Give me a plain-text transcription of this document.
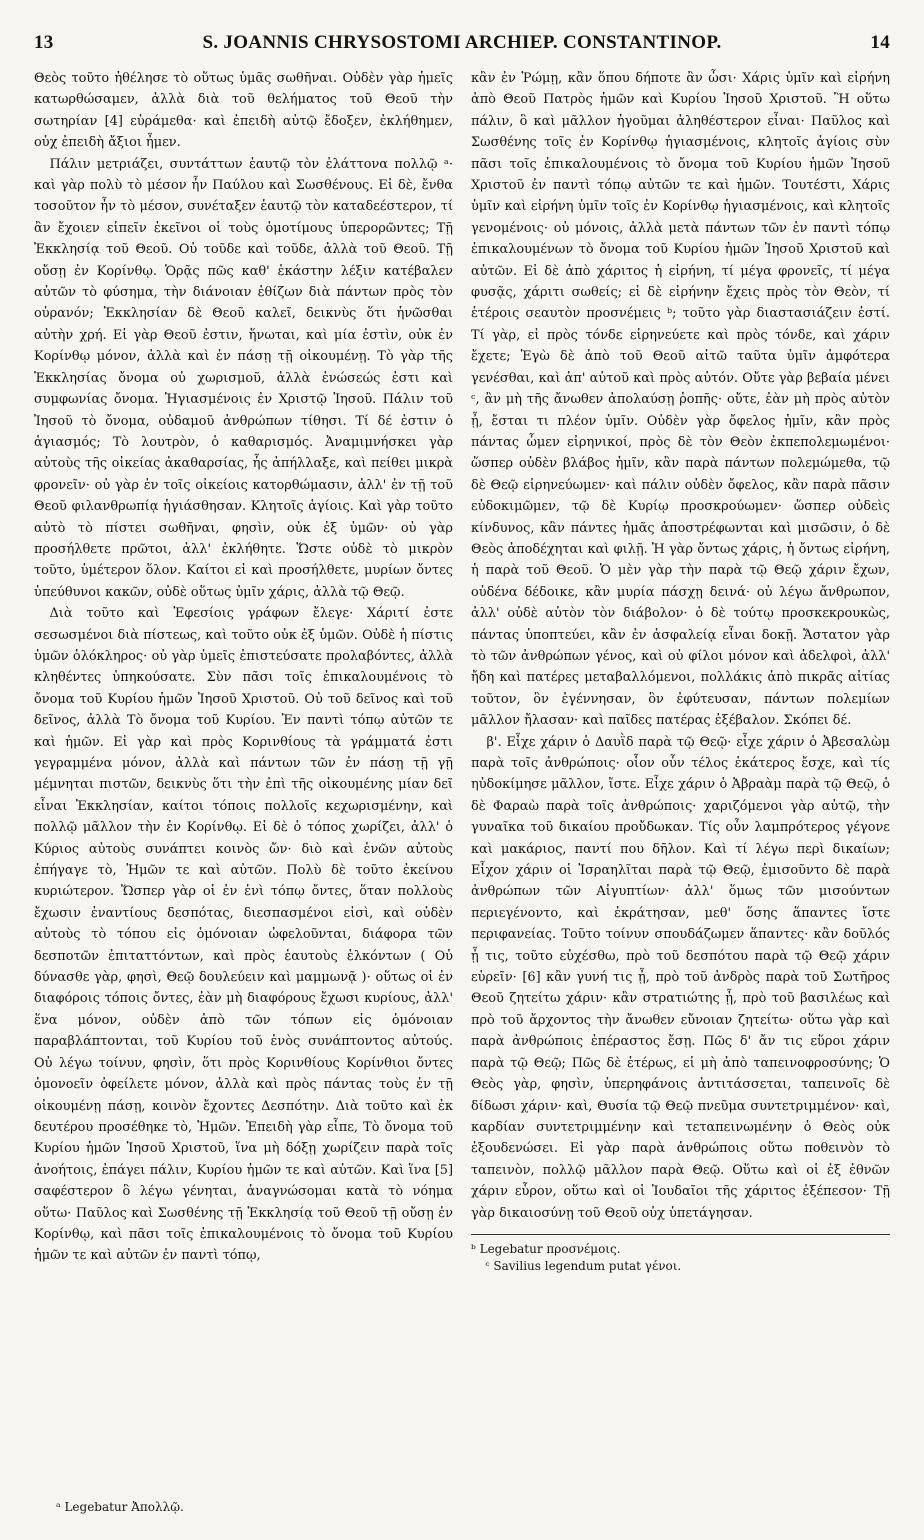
13	S. JOANNIS CHRYSOSTOMI ARCHIEP. CONSTANTINOP.	14

Θεὸς τοῦτο ἠθέλησε τὸ οὕτως ὑμᾶς σωθῆναι. Οὐδὲν γὰρ ἡμεῖς κατωρθώσαμεν, ἀλλὰ διὰ τοῦ θελήματος τοῦ Θεοῦ τὴν σωτηρίαν [4] εὑράμεθα· καὶ ἐπειδὴ αὐτῷ ἔδοξεν, ἐκλήθημεν, οὐχ ἐπειδὴ ἄξιοι ἦμεν.

Πάλιν μετριάζει, συντάττων ἑαυτῷ τὸν ἐλάττονα πολλῷ ᵃ· καὶ γὰρ πολὺ τὸ μέσον ἦν Παύλου καὶ Σωσθένους. Εἰ δὲ, ἔνθα τοσοῦτον ἦν τὸ μέσον, συνέταξεν ἑαυτῷ τὸν καταδεέστερον, τί ἂν ἔχοιεν εἰπεῖν ἐκεῖνοι οἱ τοὺς ὁμοτίμους ὑπερορῶντες; Τῇ Ἐκκλησίᾳ τοῦ Θεοῦ. Οὐ τοῦδε καὶ τοῦδε, ἀλλὰ τοῦ Θεοῦ. Τῇ οὔσῃ ἐν Κορίνθῳ. Ὁρᾷς πῶς καθ' ἑκάστην λέξιν κατέβαλεν αὐτῶν τὸ φύσημα, τὴν διάνοιαν ἐθίζων διὰ πάντων πρὸς τὸν οὐρανόν; Ἐκκλησίαν δὲ Θεοῦ καλεῖ, δεικνὺς ὅτι ἡνῶσθαι αὐτὴν χρή. Εἰ γὰρ Θεοῦ ἐστιν, ἥνωται, καὶ μία ἐστὶν, οὐκ ἐν Κορίνθῳ μόνον, ἀλλὰ καὶ ἐν πάσῃ τῇ οἰκουμένῃ. Τὸ γὰρ τῆς Ἐκκλησίας ὄνομα οὐ χωρισμοῦ, ἀλλὰ ἑνώσεώς ἐστι καὶ συμφωνίας ὄνομα. Ἡγιασμένοις ἐν Χριστῷ Ἰησοῦ. Πάλιν τοῦ Ἰησοῦ τὸ ὄνομα, οὐδαμοῦ ἀνθρώπων τίθησι. Τί δέ ἐστιν ὁ ἁγιασμός; Τὸ λουτρὸν, ὁ καθαρισμός. Ἀναμιμνήσκει γὰρ αὐτοὺς τῆς οἰκείας ἀκαθαρσίας, ἧς ἀπήλλαξε, καὶ πείθει μικρὰ φρονεῖν· οὐ γὰρ ἐν τοῖς οἰκείοις κατορθώμασιν, ἀλλ' ἐν τῇ τοῦ Θεοῦ φιλανθρωπίᾳ ἡγιάσθησαν. Κλητοῖς ἁγίοις. Καὶ γὰρ τοῦτο αὐτὸ τὸ πίστει σωθῆναι, φησὶν, οὐκ ἐξ ὑμῶν· οὐ γὰρ προσήλθετε πρῶτοι, ἀλλ' ἐκλήθητε. Ὥστε οὐδὲ τὸ μικρὸν τοῦτο, ὑμέτερον ὅλον. Καίτοι εἰ καὶ προσήλθετε, μυρίων ὄντες ὑπεύθυνοι κακῶν, οὐδὲ οὕτως ὑμῖν χάρις, ἀλλὰ τῷ Θεῷ.

Διὰ τοῦτο καὶ Ἐφεσίοις γράφων ἔλεγε· Χάριτί ἐστε σεσωσμένοι διὰ πίστεως, καὶ τοῦτο οὐκ ἐξ ὑμῶν. Οὐδὲ ἡ πίστις ὑμῶν ὁλόκληρος· οὐ γὰρ ὑμεῖς ἐπιστεύσατε προλαβόντες, ἀλλὰ κληθέντες ὑπηκούσατε. Σὺν πᾶσι τοῖς ἐπικαλουμένοις τὸ ὄνομα τοῦ Κυρίου ἡμῶν Ἰησοῦ Χριστοῦ. Οὐ τοῦ δεῖνος καὶ τοῦ δεῖνος, ἀλλὰ Τὸ ὄνομα τοῦ Κυρίου. Ἐν παντὶ τόπῳ αὐτῶν τε καὶ ἡμῶν. Εἰ γὰρ καὶ πρὸς Κορινθίους τὰ γράμματά ἐστι γεγραμμένα μόνον, ἀλλὰ καὶ πάντων τῶν ἐν πάσῃ τῇ γῇ μέμνηται πιστῶν, δεικνὺς ὅτι τὴν ἐπὶ τῆς οἰκουμένης μίαν δεῖ εἶναι Ἐκκλησίαν, καίτοι τόποις πολλοῖς κεχωρισμένην, καὶ πολλῷ μᾶλλον τὴν ἐν Κορίνθῳ. Εἰ δὲ ὁ τόπος χωρίζει, ἀλλ' ὁ Κύριος αὐτοὺς συνάπτει κοινὸς ὤν· διὸ καὶ ἑνῶν αὐτοὺς ἐπήγαγε τὸ, Ἡμῶν τε καὶ αὐτῶν. Πολὺ δὲ τοῦτο ἐκείνου κυριώτερον. Ὥσπερ γὰρ οἱ ἐν ἑνὶ τόπῳ ὄντες, ὅταν πολλοὺς ἔχωσιν ἐναντίους δεσπότας, διεσπασμένοι εἰσὶ, καὶ οὐδὲν αὐτοὺς τὸ τόπου εἰς ὁμόνοιαν ὠφελοῦνται, διάφορα τῶν δεσποτῶν ἐπιταττόντων, καὶ πρὸς ἑαυτοὺς ἑλκόντων ( Οὐ δύνασθε γὰρ, φησὶ, Θεῷ δουλεύειν καὶ μαμμωνᾷ )· οὕτως οἱ ἐν διαφόροις τόποις ὄντες, ἐὰν μὴ διαφόρους ἔχωσι κυρίους, ἀλλ' ἕνα μόνον, οὐδὲν ἀπὸ τῶν τόπων εἰς ὁμόνοιαν παραβλάπτονται, τοῦ Κυρίου τοῦ ἑνὸς συνάπτοντος αὐτούς. Οὐ λέγω τοίνυν, φησὶν, ὅτι πρὸς Κορινθίους Κορίνθιοι ὄντες ὁμονοεῖν ὀφείλετε μόνον, ἀλλὰ καὶ πρὸς πάντας τοὺς ἐν τῇ οἰκουμένῃ πάσῃ, κοινὸν ἔχοντες Δεσπότην. Διὰ τοῦτο καὶ ἐκ δευτέρου προσέθηκε τὸ, Ἡμῶν. Ἐπειδὴ γὰρ εἶπε, Τὸ ὄνομα τοῦ Κυρίου ἡμῶν Ἰησοῦ Χριστοῦ, ἵνα μὴ δόξῃ χωρίζειν παρὰ τοῖς ἀνοήτοις, ἐπάγει πάλιν, Κυρίου ἡμῶν τε καὶ αὐτῶν. Καὶ ἵνα [5] σαφέστερον ὃ λέγω γένηται, ἀναγνώσομαι κατὰ τὸ νόημα οὕτω· Παῦλος καὶ Σωσθένης τῇ Ἐκκλησίᾳ τοῦ Θεοῦ τῇ οὔσῃ ἐν Κορίνθῳ, καὶ πᾶσι τοῖς ἐπικαλουμένοις τὸ ὄνομα τοῦ Κυρίου ἡμῶν τε καὶ αὐτῶν ἐν παντὶ τόπῳ,

κἂν ἐν Ῥώμῃ, κἂν ὅπου δήποτε ἂν ὦσι· Χάρις ὑμῖν καὶ εἰρήνη ἀπὸ Θεοῦ Πατρὸς ἡμῶν καὶ Κυρίου Ἰησοῦ Χριστοῦ. Ἢ οὕτω πάλιν, ὃ καὶ μᾶλλον ἡγοῦμαι ἀληθέστερον εἶναι· Παῦλος καὶ Σωσθένης τοῖς ἐν Κορίνθῳ ἡγιασμένοις, κλητοῖς ἁγίοις σὺν πᾶσι τοῖς ἐπικαλουμένοις τὸ ὄνομα τοῦ Κυρίου ἡμῶν Ἰησοῦ Χριστοῦ ἐν παντὶ τόπῳ αὐτῶν τε καὶ ἡμῶν. Τουτέστι, Χάρις ὑμῖν καὶ εἰρήνη ὑμῖν τοῖς ἐν Κορίνθῳ ἡγιασμένοις, καὶ κλητοῖς γενομένοις· οὐ μόνοις, ἀλλὰ μετὰ πάντων τῶν ἐν παντὶ τόπῳ ἐπικαλουμένων τὸ ὄνομα τοῦ Κυρίου ἡμῶν Ἰησοῦ Χριστοῦ καὶ αὐτῶν. Εἰ δὲ ἀπὸ χάριτος ἡ εἰρήνη, τί μέγα φρονεῖς, τί μέγα φυσᾷς, χάριτι σωθείς; εἰ δὲ εἰρήνην ἔχεις πρὸς τὸν Θεὸν, τί ἑτέροις σεαυτὸν προσνέμεις ᵇ; τοῦτο γὰρ διαστασιάζειν ἐστί. Τί γὰρ, εἰ πρὸς τόνδε εἰρηνεύετε καὶ πρὸς τόνδε, καὶ χάριν ἔχετε; Ἐγὼ δὲ ἀπὸ τοῦ Θεοῦ αἰτῶ ταῦτα ὑμῖν ἀμφότερα γενέσθαι, καὶ ἀπ' αὐτοῦ καὶ πρὸς αὐτόν. Οὔτε γὰρ βεβαία μένει ᶜ, ἂν μὴ τῆς ἄνωθεν ἀπολαύσῃ ῥοπῆς· οὔτε, ἐὰν μὴ πρὸς αὐτὸν ᾖ, ἔσται τι πλέον ὑμῖν. Οὐδὲν γὰρ ὄφελος ἡμῖν, κἂν πρὸς πάντας ὦμεν εἰρηνικοί, πρὸς δὲ τὸν Θεὸν ἐκπεπολεμωμένοι· ὥσπερ οὐδὲν βλάβος ἡμῖν, κἂν παρὰ πάντων πολεμώμεθα, τῷ δὲ Θεῷ εἰρηνεύωμεν· καὶ πάλιν οὐδὲν ὄφελος, κἂν παρὰ πᾶσιν εὐδοκιμῶμεν, τῷ δὲ Κυρίῳ προσκρούωμεν· ὥσπερ οὐδεὶς κίνδυνος, κἂν πάντες ἡμᾶς ἀποστρέφωνται καὶ μισῶσιν, ὁ δὲ Θεὸς ἀποδέχηται καὶ φιλῇ. Ἡ γὰρ ὄντως χάρις, ἡ ὄντως εἰρήνη, ἡ παρὰ τοῦ Θεοῦ. Ὁ μὲν γὰρ τὴν παρὰ τῷ Θεῷ χάριν ἔχων, οὐδένα δέδοικε, κἂν μυρία πάσχῃ δεινά· οὐ λέγω ἄνθρωπον, ἀλλ' οὐδὲ αὐτὸν τὸν διάβολον· ὁ δὲ τούτῳ προσκεκρουκὼς, πάντας ὑποπτεύει, κἂν ἐν ἀσφαλείᾳ εἶναι δοκῇ. Ἄστατον γὰρ τὸ τῶν ἀνθρώπων γένος, καὶ οὐ φίλοι μόνον καὶ ἀδελφοὶ, ἀλλ' ἤδη καὶ πατέρες μεταβαλλόμενοι, πολλάκις ἀπὸ πικρᾶς αἰτίας τοῦτον, ὃν ἐγέννησαν, ὃν ἐφύτευσαν, πάντων πολεμίων μᾶλλον ἤλασαν· καὶ παῖδες πατέρας ἐξέβαλον. Σκόπει δέ.

β'. Εἶχε χάριν ὁ Δαυῒδ παρὰ τῷ Θεῷ· εἶχε χάριν ὁ Ἀβεσαλὼμ παρὰ τοῖς ἀνθρώποις· οἷον οὖν τέλος ἑκάτερος ἔσχε, καὶ τίς ηὐδοκίμησε μᾶλλον, ἴστε. Εἶχε χάριν ὁ Ἀβραὰμ παρὰ τῷ Θεῷ, ὁ δὲ Φαραὼ παρὰ τοῖς ἀνθρώποις· χαριζόμενοι γὰρ αὐτῷ, τὴν γυναῖκα τοῦ δικαίου προὔδωκαν. Τίς οὖν λαμπρότερος γέγονε καὶ μακάριος, παντί που δῆλον. Καὶ τί λέγω περὶ δικαίων; Εἶχον χάριν οἱ Ἰσραηλῖται παρὰ τῷ Θεῷ, ἐμισοῦντο δὲ παρὰ ἀνθρώπων τῶν Αἰγυπτίων· ἀλλ' ὅμως τῶν μισούντων περιεγένοντο, καὶ ἐκράτησαν, μεθ' ὅσης ἅπαντες ἴστε περιφανείας. Τοῦτο τοίνυν σπουδάζωμεν ἅπαντες· κἂν δοῦλός ᾖ τις, τοῦτο εὐχέσθω, πρὸ τοῦ δεσπότου παρὰ τῷ Θεῷ χάριν εὑρεῖν· [6] κἂν γυνή τις ᾖ, πρὸ τοῦ ἀνδρὸς παρὰ τοῦ Σωτῆρος Θεοῦ ζητείτω χάριν· κἂν στρατιώτης ᾖ, πρὸ τοῦ βασιλέως καὶ πρὸ τοῦ ἄρχοντος τὴν ἄνωθεν εὔνοιαν ζητείτω· οὕτω γὰρ καὶ παρὰ ἀνθρώποις ἐπέραστος ἔσῃ. Πῶς δ' ἄν τις εὕροι χάριν παρὰ τῷ Θεῷ; Πῶς δὲ ἑτέρως, εἰ μὴ ἀπὸ ταπεινοφροσύνης; Ὁ Θεὸς γὰρ, φησὶν, ὑπερηφάνοις ἀντιτάσσεται, ταπεινοῖς δὲ δίδωσι χάριν· καὶ, Θυσία τῷ Θεῷ πνεῦμα συντετριμμένον· καὶ, καρδίαν συντετριμμένην καὶ τεταπεινωμένην ὁ Θεὸς οὐκ ἐξουδενώσει. Εἰ γὰρ παρὰ ἀνθρώποις οὕτω ποθεινὸν τὸ ταπεινὸν, πολλῷ μᾶλλον παρὰ Θεῷ. Οὕτω καὶ οἱ ἐξ ἐθνῶν χάριν εὗρον, οὕτω καὶ οἱ Ἰουδαῖοι τῆς χάριτος ἐξέπεσον· Τῇ γὰρ δικαιοσύνῃ τοῦ Θεοῦ οὐχ ὑπετάγησαν.

ᵇ Legebatur προσνέμοις.

ᶜ Savilius legendum putat γένοι.

ᵃ Legebatur Ἀπολλῷ.
